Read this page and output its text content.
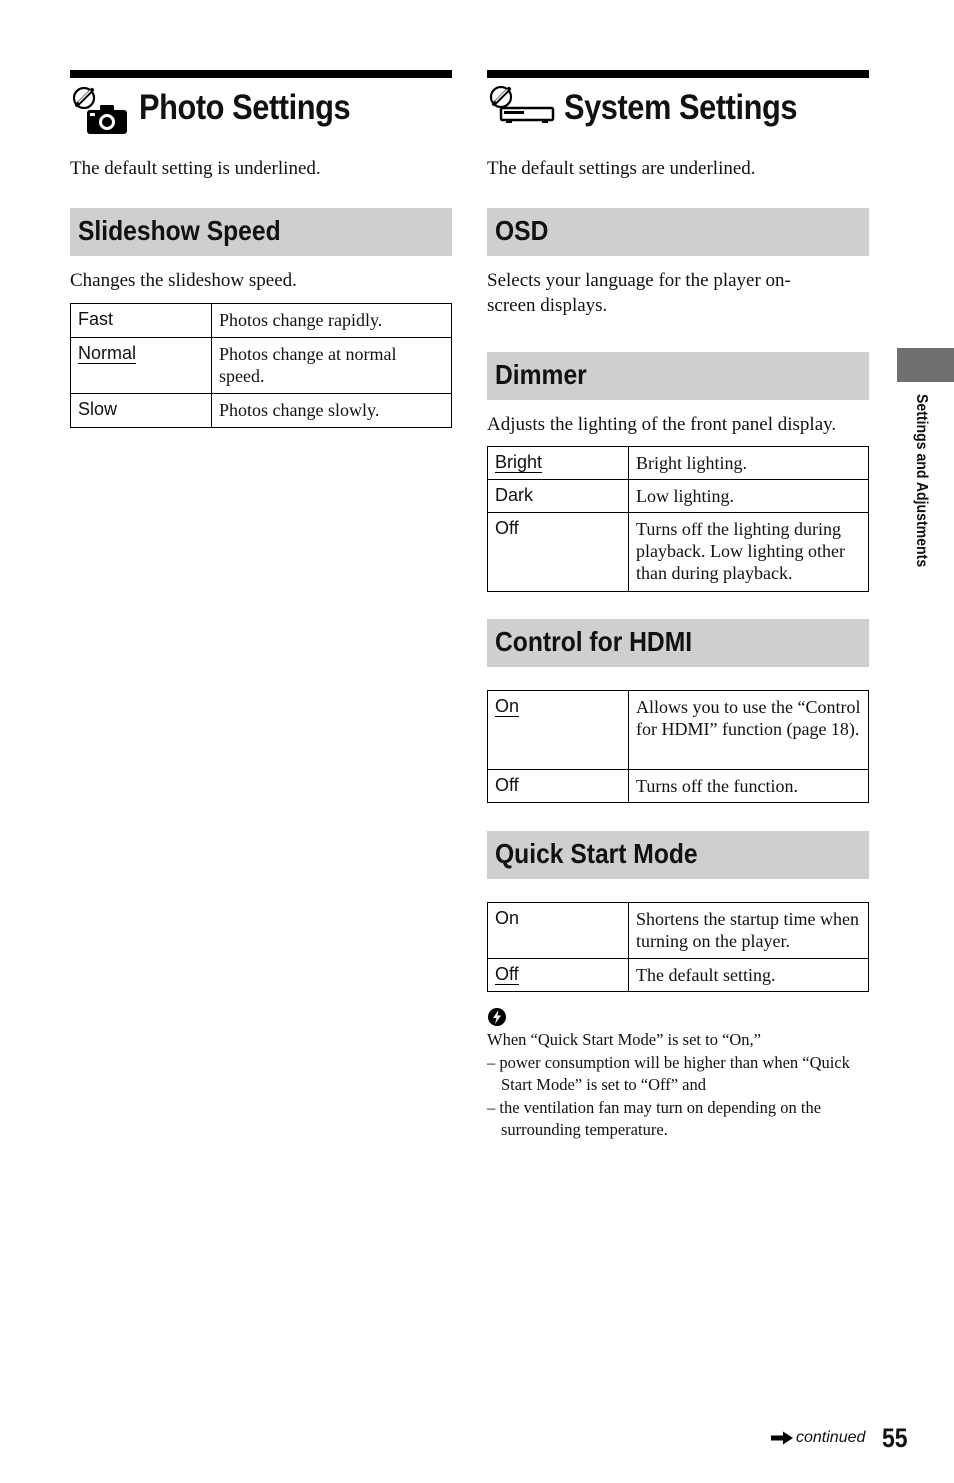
Photo Settings

The default setting is underlined.

Slideshow Speed

Changes the slideshow speed.

Fast	Photos change rapidly.
Normal	Photos change at normal speed.
Slow	Photos change slowly.
System Settings

The default settings are underlined.

OSD

Selects your language for the player on-screen displays.

Dimmer

Adjusts the lighting of the front panel display.

Bright	Bright lighting.
Dark	Low lighting.
Off	Turns off the lighting during playback. Low lighting other than during playback.
Control for HDMI
On	Allows you to use the “Control for HDMI” function (page 18).
Off	Turns off the function.
Quick Start Mode
On	Shortens the startup time when turning on the player.
Off	The default setting.

When “Quick Start Mode” is set to “On,”

– power consumption will be higher than when “Quick Start Mode” is set to “Off” and

– the ventilation fan may turn on depending on the surrounding temperature.

Settings and Adjustments
continued 55
